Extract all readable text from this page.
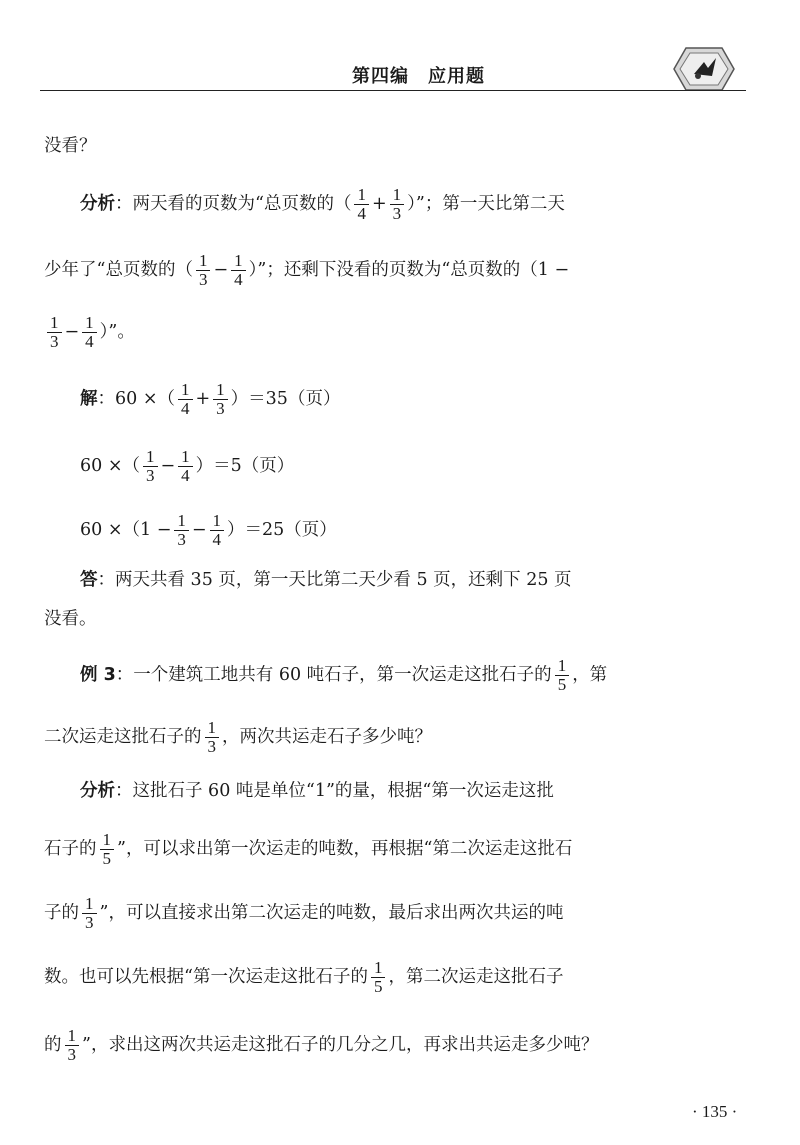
第四编　应用题
没看？
分析：两天看的页数为“总页数的（ $\frac{1}{4} + \frac{1}{3}$ ）”；第一天比第二天
少年了“总页数的（ $\frac{1}{3} - \frac{1}{4}$ ）”；还剩下没看的页数为“总页数的（1 −
$\frac{1}{3} - \frac{1}{4}$ ）”。
解：60 ×（ $\frac{1}{4} + \frac{1}{3} )=35$（页）
60 ×（ $\frac{1}{3} - \frac{1}{4} )=5$（页）
$60 \times(1 - \frac{1}{3} - \frac{1}{4} )=25$（页）
答：两天共看 35 页，第一天比第二天少看 5 页，还剩下 25 页
没看。
例 3：一个建筑工地共有 60 吨石子，第一次运走这批石子的 $\frac{1}{5}$ ，第
二次运走这批石子的 $\frac{1}{3}$ ，两次共运走石子多少吨？
分析：这批石子 60 吨是单位“1”的量，根据“第一次运走这批
石子的 $\frac{1}{5}$ ”，可以求出第一次运走的吨数，再根据“第二次运走这批石
子的 $\frac{1}{3}$ ”，可以直接求出第二次运走的吨数，最后求出两次共运的吨
数。也可以先根据“第一次运走这批石子的 $\frac{1}{5}$ ，第二次运走这批石子
的 $\frac{1}{3}$ ”，求出这两次共运走这批石子的几分之几，再求出共运走多少吨？
· 135 ·
